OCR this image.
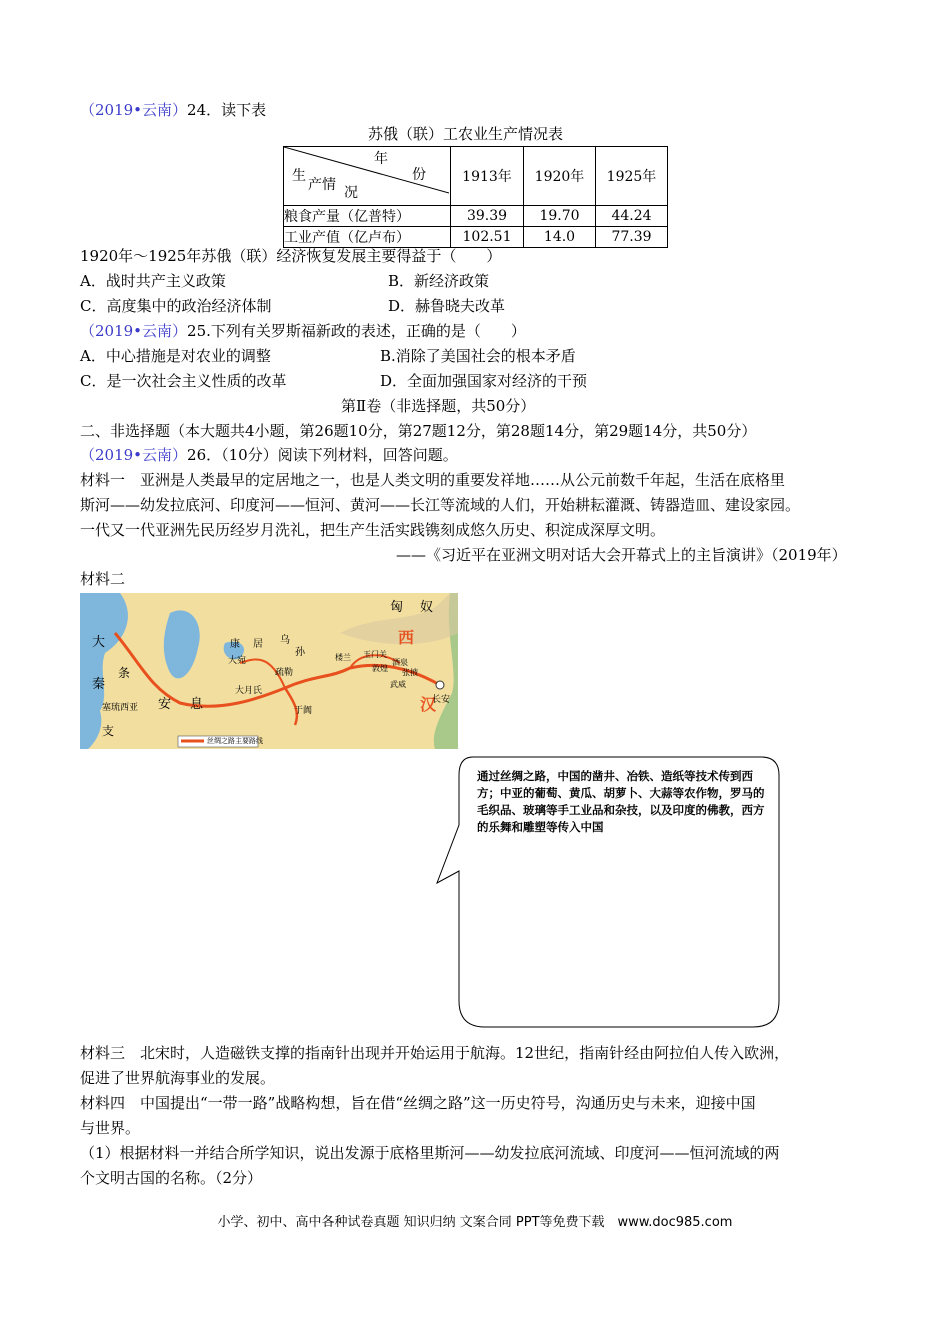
（2019•云南）24．读下表
苏俄（联）工农业生产情况表
年
份
生
产情 况	1913年	1920年	1925年
粮食产量（亿普特）	39.39	19.70	44.24
工业产值（亿卢布）	102.51	14.0	77.39
1920年～1925年苏俄（联）经济恢复发展主要得益于（　　）
A．战时共产主义政策	B．新经济政策
C．高度集中的政治经济体制	D．赫鲁晓夫改革
（2019•云南）25.下列有关罗斯福新政的表述，正确的是（　　）
A．中心措施是对农业的调整	B.消除了美国社会的根本矛盾
C．是一次社会主义性质的改革	D．全面加强国家对经济的干预
第Ⅱ卷（非选择题，共50分）
二、非选择题（本大题共4小题，第26题10分，第27题12分，第28题14分，第29题14分，共50分）
（2019•云南）26．（10分）阅读下列材料，回答问题。
材料一　亚洲是人类最早的定居地之一，也是人类文明的重要发祥地……从公元前数千年起，生活在底格里
斯河——幼发拉底河、印度河——恒河、黄河——长江等流域的人们，开始耕耘灌溉、铸器造皿、建设家园。
一代又一代亚洲先民历经岁月洗礼，把生产生活实践镌刻成悠久历史、积淀成深厚文明。
——《习近平在亚洲文明对话大会开幕式上的主旨演讲》（2019年）
材料二
匈 奴
康 居 乌
孙
大宛
疏勒
大月氏
楼兰 玉门关
敦煌
酒泉
张掖
武威
西
汉
长安
于阗
大
秦
条
支
安 息
塞琉西亚
丝绸之路主要路线
通过丝绸之路，中国的凿井、冶铁、造纸等技术传到西方；中亚的葡萄、黄瓜、胡萝卜、大蒜等农作物，罗马的毛织品、玻璃等手工业品和杂技，以及印度的佛教，西方的乐舞和雕塑等传入中国
材料三　北宋时，人造磁铁支撑的指南针出现并开始运用于航海。12世纪，指南针经由阿拉伯人传入欧洲，
促进了世界航海事业的发展。
材料四　中国提出“一带一路”战略构想，旨在借“丝绸之路”这一历史符号，沟通历史与未来，迎接中国
与世界。
（1）根据材料一并结合所学知识，说出发源于底格里斯河——幼发拉底河流域、印度河——恒河流域的两
个文明古国的名称。（2分）
小学、初中、高中各种试卷真题 知识归纳 文案合同 PPT等免费下载　www.doc985.com
